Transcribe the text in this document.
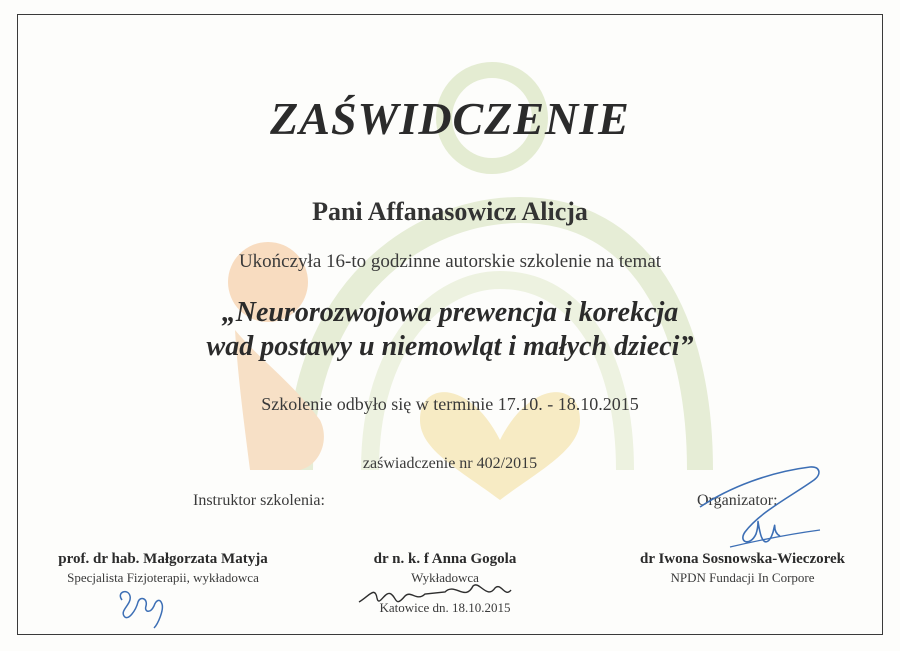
ZAŚWIDCZENIE
Pani Affanasowicz Alicja
Ukończyła 16-to godzinne autorskie szkolenie na temat
„Neurorozwojowa prewencja i korekcja
wad postawy u niemowląt i małych dzieci”
Szkolenie odbyło się w terminie 17.10. - 18.10.2015
zaświadczenie nr 402/2015
Instruktor szkolenia:	Organizator:
prof. dr hab. Małgorzata Matyja
Specjalista Fizjoterapii, wykładowca
dr n. k. f Anna Gogola
Wykładowca
Katowice dn. 18.10.2015
dr Iwona Sosnowska-Wieczorek
NPDN Fundacji In Corpore
